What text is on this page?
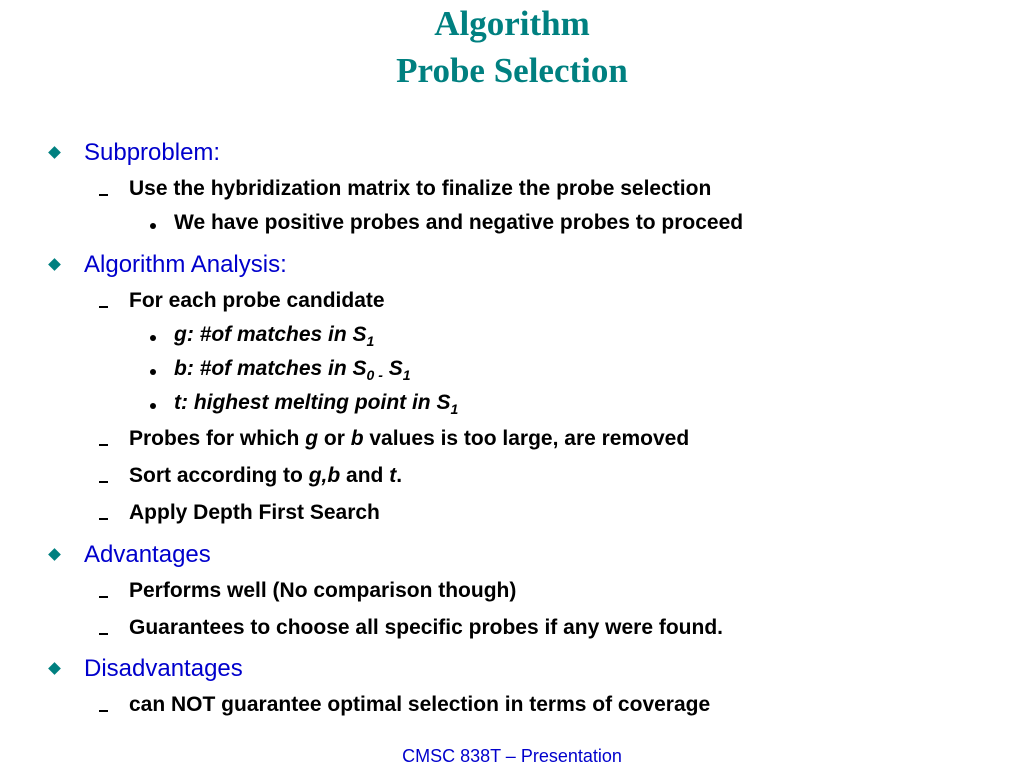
Algorithm
Probe Selection
Subproblem:
Use the hybridization matrix to finalize the probe selection
We have positive probes and negative probes to proceed
Algorithm Analysis:
For each probe candidate
g: #of matches in $S_1$
b: #of matches in $S_{0 -}$ $S_1$
t: highest melting point in $S_1$
Probes for which g or b values is too large, are removed
Sort according to g,b and t.
Apply Depth First Search
Advantages
Performs well (No comparison though)
Guarantees to choose all specific probes if any were found.
Disadvantages
can NOT guarantee optimal selection in terms of coverage
CMSC 838T – Presentation
